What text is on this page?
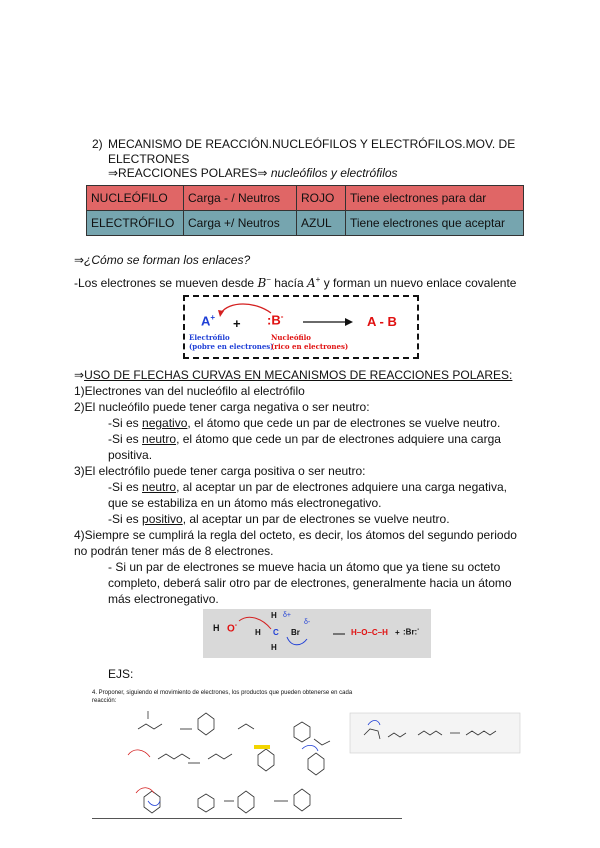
2) MECANISMO DE REACCIÓN.NUCLEÓFILOS Y ELECTRÓFILOS.MOV. DE
ELECTRONES
⇒REACCIONES POLARES⇒ nucleófilos y electrófilos
NUCLEÓFILO	Carga - / Neutros	ROJO	Tiene electrones para dar
ELECTRÓFILO	Carga +/ Neutros	AZUL	Tiene electrones que aceptar
⇒¿Cómo se forman los enlaces?
-Los electrones se mueven desde B− hacía A+ y forman un nuevo enlace covalente
A+ + :B-	A - B
Electrófilo
(pobre en electrones)
Nucleófilo
(rico en electrones)
⇒USO DE FLECHAS CURVAS EN MECANISMOS DE REACCIONES POLARES:
1)Electrones van del nucleófilo al electrófilo
2)El nucleófilo puede tener carga negativa o ser neutro:
-Si es negativo, el átomo que cede un par de electrones se vuelve neutro.
-Si es neutro, el átomo que cede un par de electrones adquiere una carga
positiva.
3)El electrófilo puede tener carga positiva o ser neutro:
-Si es neutro, al aceptar un par de electrones adquiere una carga negativa,
que se estabiliza en un átomo más electronegativo.
-Si es positivo, al aceptar un par de electrones se vuelve neutro.
4)Siempre se cumplirá la regla del octeto, es decir, los átomos del segundo periodo
no podrán tener más de 8 electrones.
- Si un par de electrones se mueve hacia un átomo que ya tiene su octeto
completo, deberá salir otro par de electrones, generalmente hacia un átomo
más electronegativo.
H O-
H δ+
H C Br
δ-
H
H–O–C–H + :Br:-
EJS:
4. Proponer, siguiendo el movimiento de electrones, los productos que pueden obtenerse en cada
reacción:
